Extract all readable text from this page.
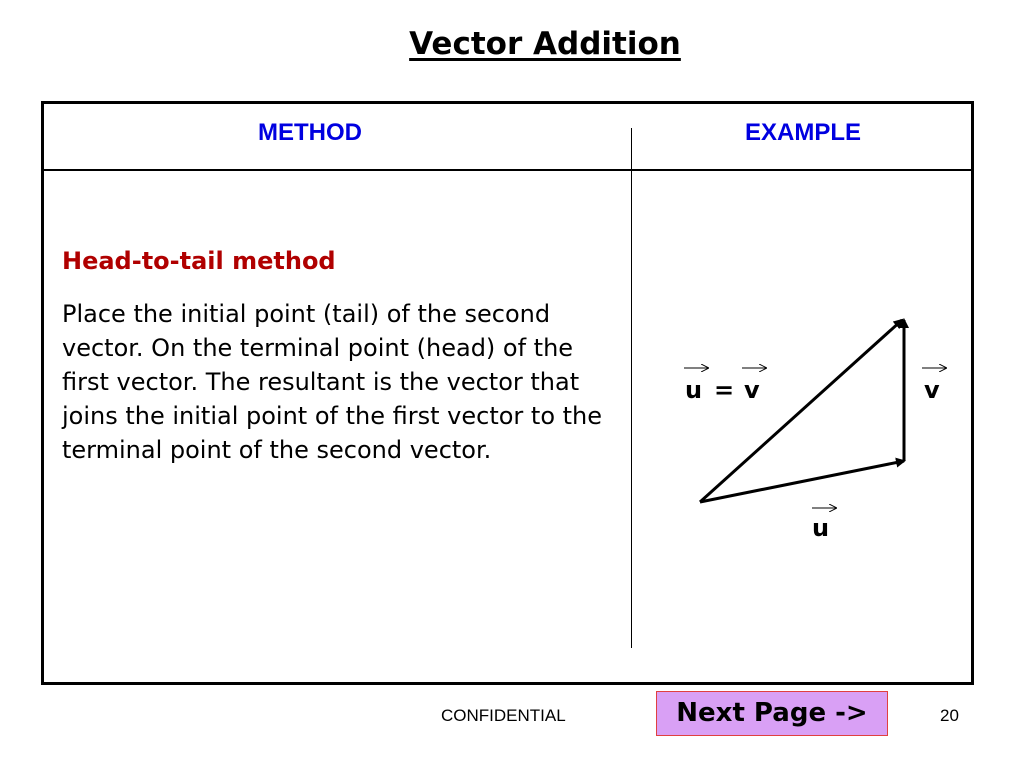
Vector Addition
METHOD	EXAMPLE
Head-to-tail method
Place the initial point (tail) of the second vector. On the terminal point (head) of the first vector. The resultant is the vector that joins the initial point of the first vector to the terminal point of the second vector.
u = v	v
u
CONFIDENTIAL	Next Page ->	20
